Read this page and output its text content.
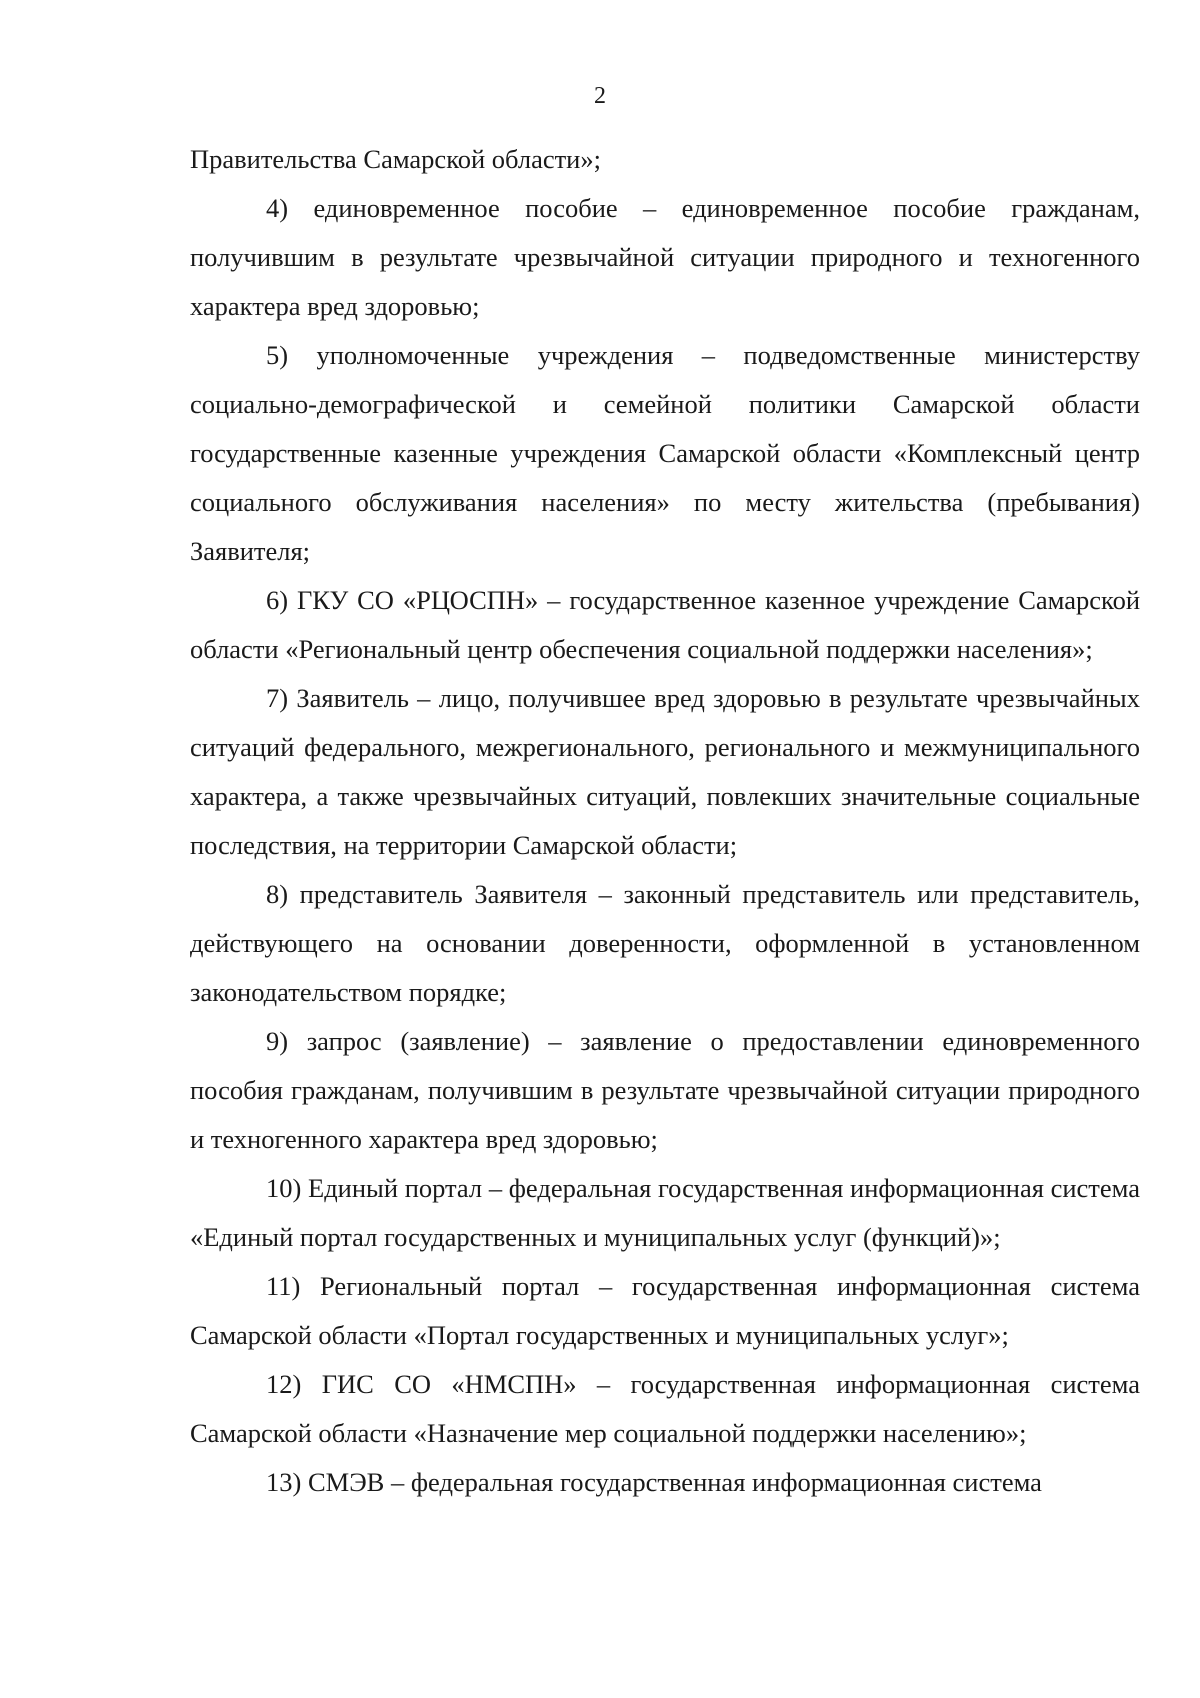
2

Правительства Самарской области»;

4) единовременное пособие – единовременное пособие гражданам, получившим в результате чрезвычайной ситуации природного и техногенного характера вред здоровью;

5) уполномоченные учреждения – подведомственные министерству социально-демографической и семейной политики Самарской области государственные казенные учреждения Самарской области «Комплексный центр социального обслуживания населения» по месту жительства (пребывания) Заявителя;

6) ГКУ СО «РЦОСПН» – государственное казенное учреждение Самарской области «Региональный центр обеспечения социальной поддержки населения»;

7) Заявитель – лицо, получившее вред здоровью в результате чрезвычайных ситуаций федерального, межрегионального, регионального и межмуниципального характера, а также чрезвычайных ситуаций, повлекших значительные социальные последствия, на территории Самарской области;

8) представитель Заявителя – законный представитель или представитель, действующего на основании доверенности, оформленной в установленном законодательством порядке;

9) запрос (заявление) – заявление о предоставлении единовременного пособия гражданам, получившим в результате чрезвычайной ситуации природного и техногенного характера вред здоровью;

10) Единый портал – федеральная государственная информационная система «Единый портал государственных и муниципальных услуг (функций)»;

11) Региональный портал – государственная информационная система Самарской области «Портал государственных и муниципальных услуг»;

12) ГИС СО «НМСПН» – государственная информационная система Самарской области «Назначение мер социальной поддержки населению»;

13) СМЭВ – федеральная государственная информационная система
